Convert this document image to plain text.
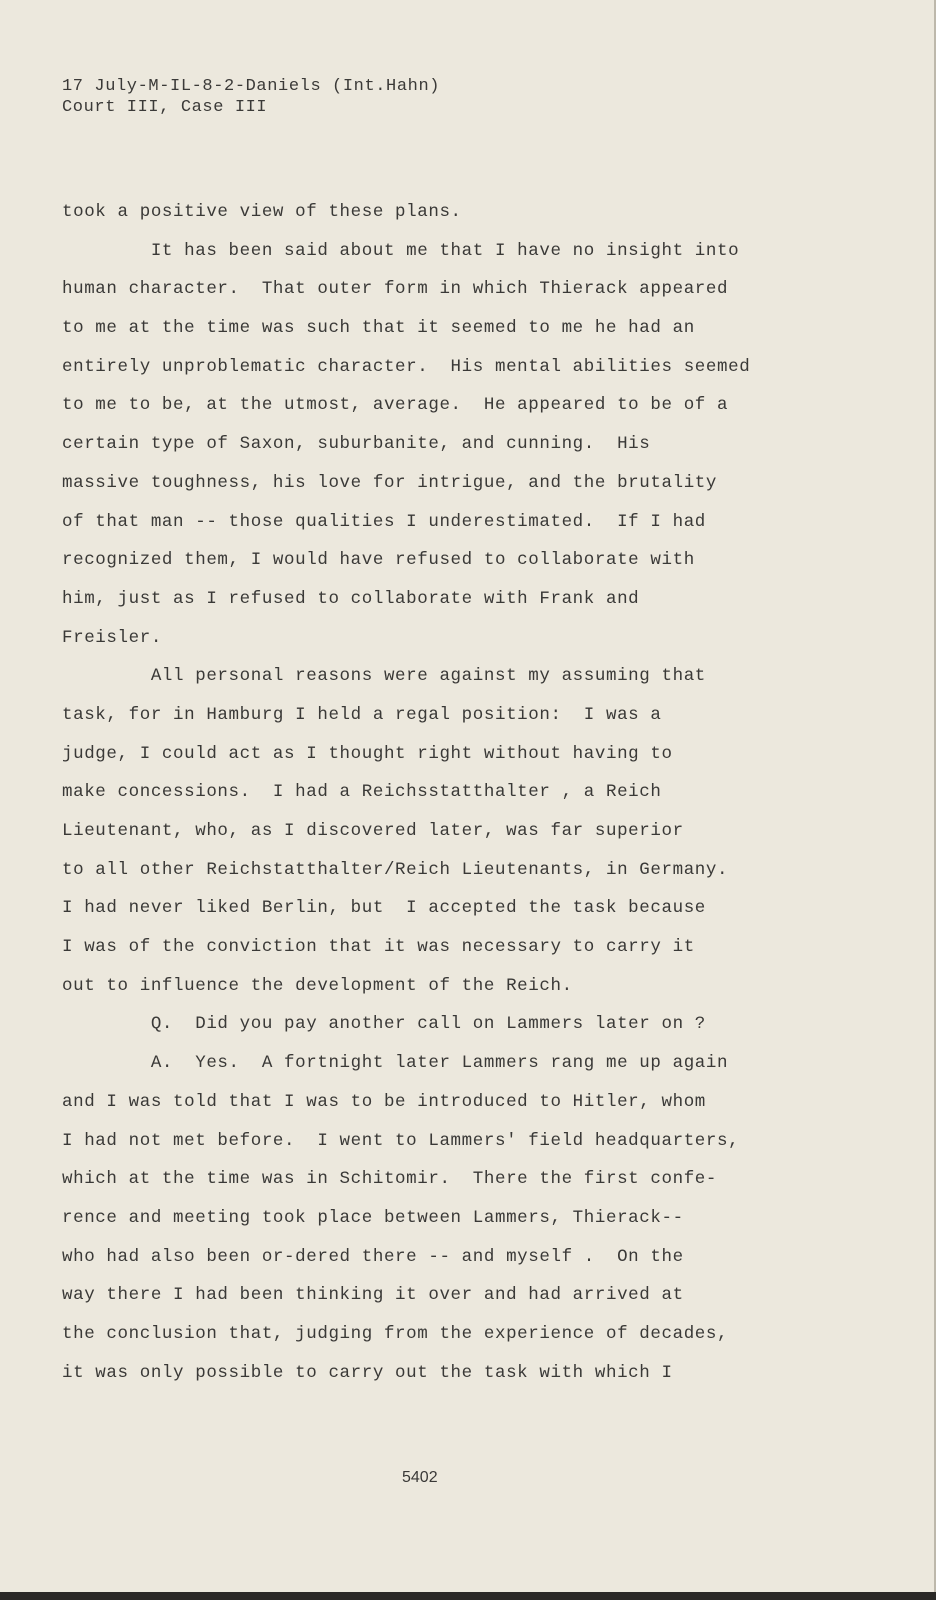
17 July-M-IL-8-2-Daniels (Int.Hahn)
Court III, Case III
took a positive view of these plans.
It has been said about me that I have no insight into
human character.  That outer form in which Thierack appeared
to me at the time was such that it seemed to me he had an
entirely unproblematic character.  His mental abilities seemed
to me to be, at the utmost, average.  He appeared to be of a
certain type of Saxon, suburbanite, and cunning.  His
massive toughness, his love for intrigue, and the brutality
of that man -- those qualities I underestimated.  If I had
recognized them, I would have refused to collaborate with
him, just as I refused to collaborate with Frank and
Freisler.
All personal reasons were against my assuming that
task, for in Hamburg I held a regal position:  I was a
judge, I could act as I thought right without having to
make concessions.  I had a Reichsstatthalter , a Reich
Lieutenant, who, as I discovered later, was far superior
to all other Reichstatthalter/Reich Lieutenants, in Germany.
I had never liked Berlin, but  I accepted the task because
I was of the conviction that it was necessary to carry it
out to influence the development of the Reich.
Q.  Did you pay another call on Lammers later on ?
A.  Yes.  A fortnight later Lammers rang me up again
and I was told that I was to be introduced to Hitler, whom
I had not met before.  I went to Lammers' field headquarters,
which at the time was in Schitomir.  There the first confe-
rence and meeting took place between Lammers, Thierack--
who had also been or-dered there -- and myself .  On the
way there I had been thinking it over and had arrived at
the conclusion that, judging from the experience of decades,
it was only possible to carry out the task with which I
5402
